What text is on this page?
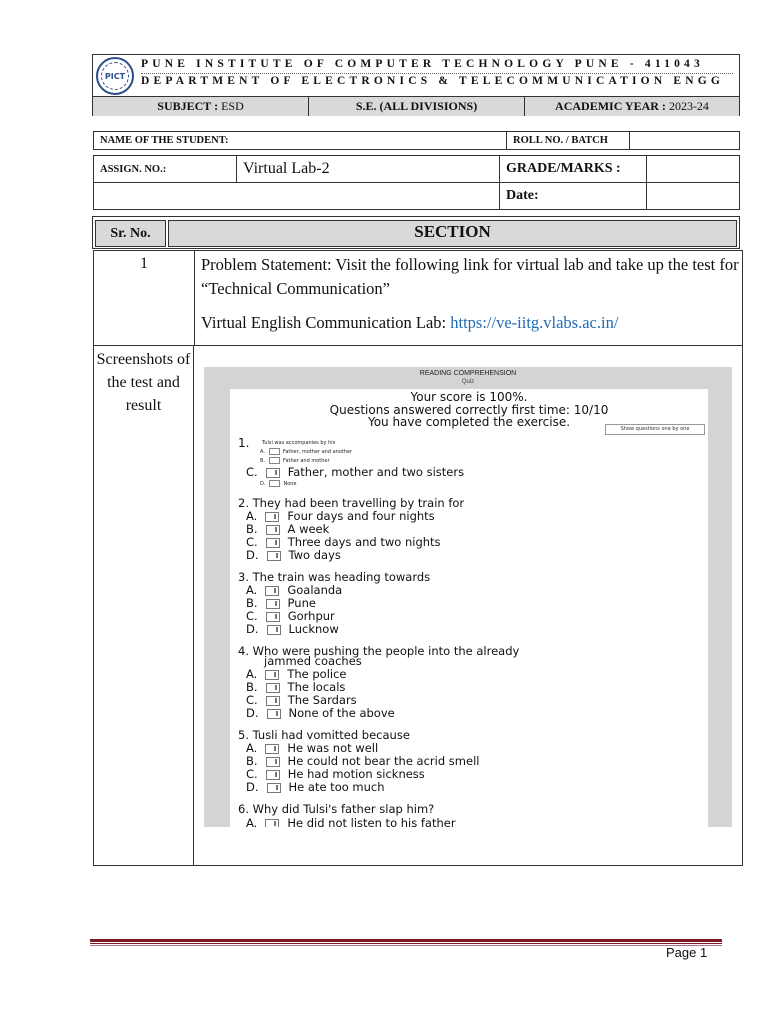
PICT
PUNE INSTITUTE OF COMPUTER TECHNOLOGY PUNE - 411043
DEPARTMENT OF ELECTRONICS & TELECOMMUNICATION ENGG
SUBJECT : ESD	S.E. (ALL DIVISIONS)	ACADEMIC YEAR : 2023-24
NAME OF THE STUDENT:	ROLL NO. / BATCH	
ASSIGN. NO.:	Virtual Lab-2	GRADE/MARKS :	
		Date:	
Sr. No.	SECTION
1	Problem Statement: Visit the following link for virtual lab and take up the test for “Technical Communication”

Virtual English Communication Lab: https://ve-iitg.vlabs.ac.in/

Screenshots of the test and result
READING COMPREHENSION
Quiz
Your score is 100%.
Questions answered correctly first time: 10/10
You have completed the exercise.	Show questions one by one
1.	Tulsi was accompanies by his
A.	Father, mother and another
B.	Father and mother
C.	Father, mother and two sisters
D.	None
2. They had been travelling by train for
A.	Four days and four nights
B.	A week
C.	Three days and two nights
D.	Two days
3. The train was heading towards
A.	Goalanda
B.	Pune
C.	Gorhpur
D.	Lucknow
4. Who were pushing the people into the already
jammed coaches
A.	The police
B.	The locals
C.	The Sardars
D.	None of the above
5. Tusli had vomitted because
A.	He was not well
B.	He could not bear the acrid smell
C.	He had motion sickness
D.	He ate too much
6. Why did Tulsi's father slap him?
A.	He did not listen to his father
Page 1
